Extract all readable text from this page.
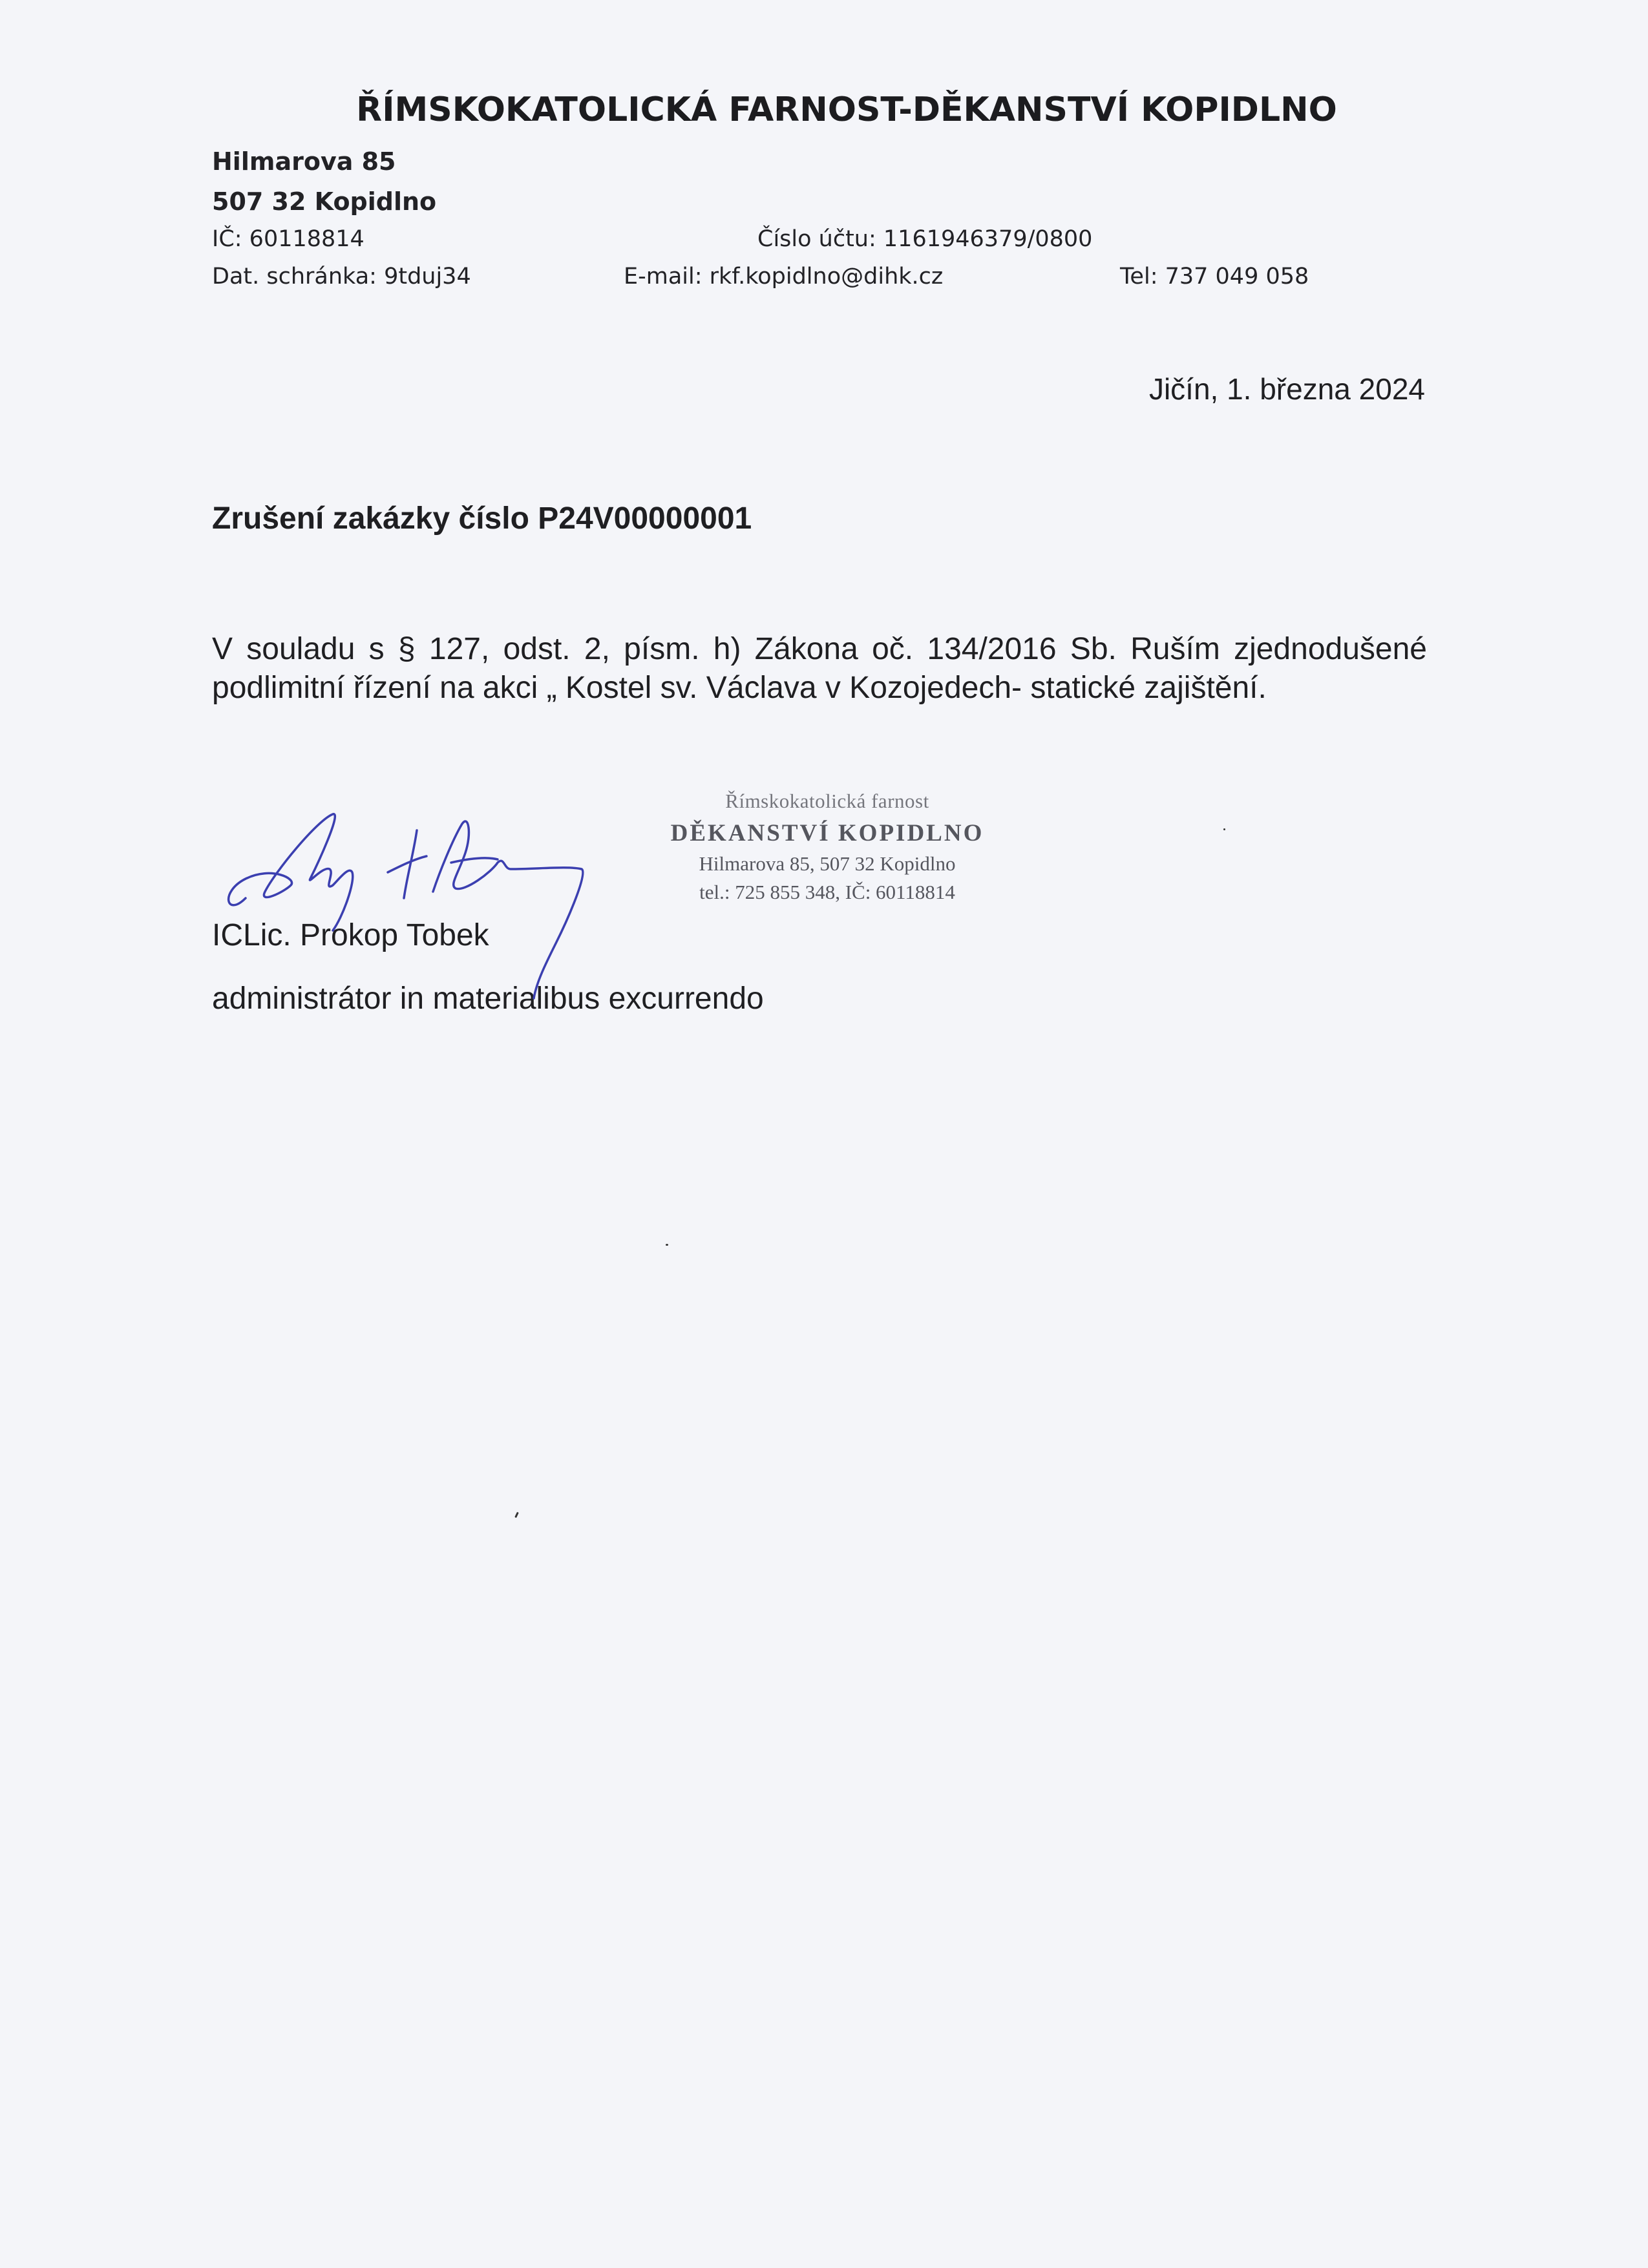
ŘÍMSKOKATOLICKÁ FARNOST-DĚKANSTVÍ KOPIDLNO
Hilmarova 85
507 32 Kopidlno
IČ: 60118814	Číslo účtu: 1161946379/0800
Dat. schránka: 9tduj34	E-mail: rkf.kopidlno@dihk.cz	Tel: 737 049 058
Jičín, 1. března 2024
Zrušení zakázky číslo P24V00000001
V souladu s § 127, odst. 2, písm. h) Zákona oč. 134/2016 Sb. Ruším zjednodušené podlimitní řízení na akci „ Kostel sv. Václava v Kozojedech- statické zajištění.
Římskokatolická farnost
DĚKANSTVÍ KOPIDLNO
Hilmarova 85, 507 32 Kopidlno
tel.: 725 855 348, IČ: 60118814
ICLic. Prokop Tobek
administrátor in materialibus excurrendo
